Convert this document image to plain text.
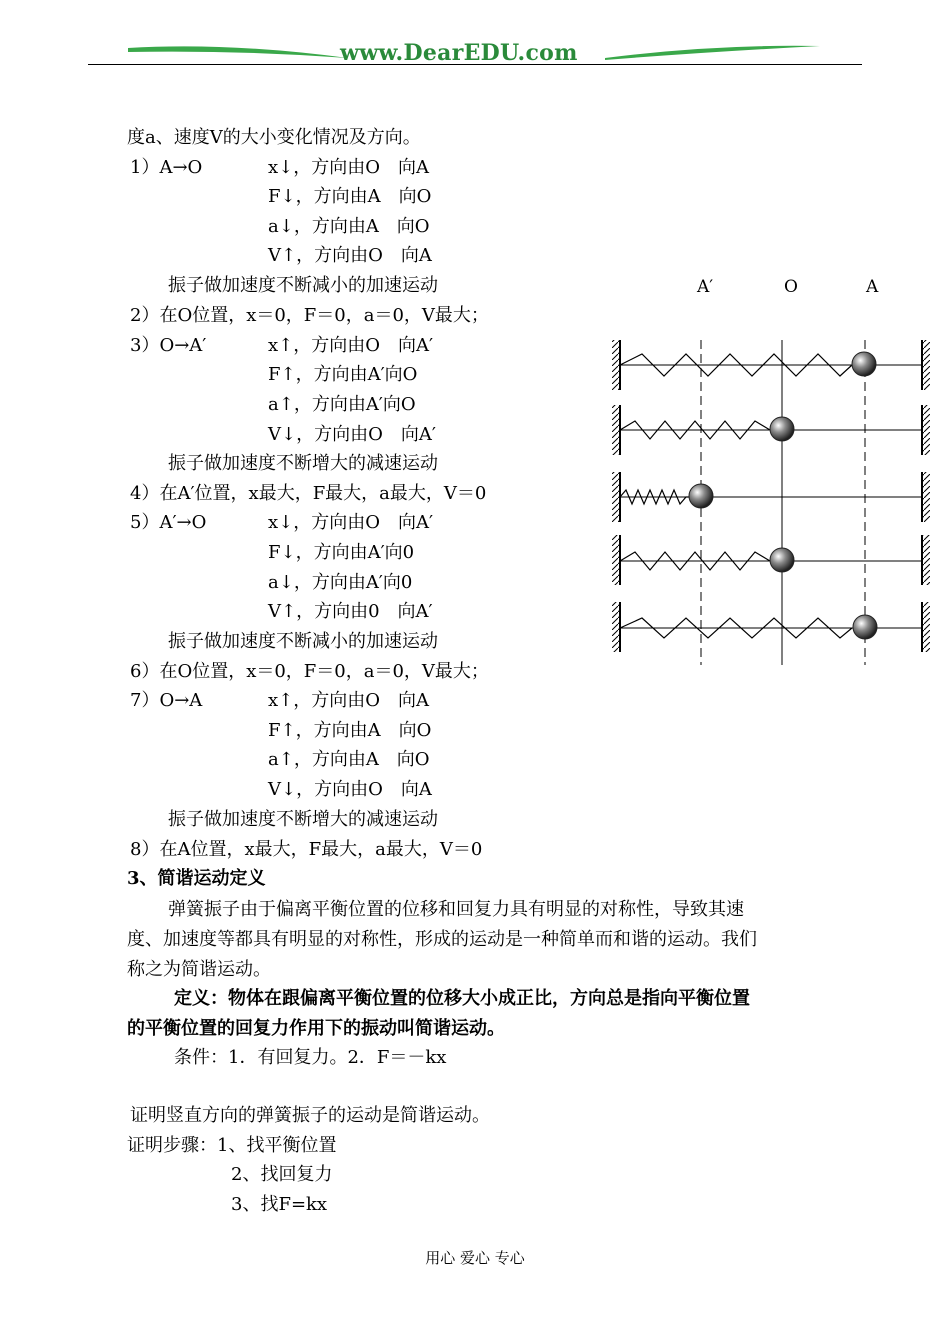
www.DearEDU.com
度a、速度V的大小变化情况及方向。
1）A→O	x↓，方向由O　向A
F↓，方向由A　向O
a↓，方向由A　向O
V↑，方向由O　向A
振子做加速度不断减小的加速运动
2）在O位置，x＝0，F＝0，a＝0，V最大；
3）O→A′	x↑，方向由O　向A′
F↑，方向由A′向O
a↑，方向由A′向O
V↓，方向由O　向A′
振子做加速度不断增大的减速运动
4）在A′位置，x最大，F最大，a最大，V＝0
5）A′→O	x↓，方向由O　向A′
F↓，方向由A′向0
a↓，方向由A′向0
V↑，方向由0　向A′
振子做加速度不断减小的加速运动
6）在O位置，x＝0，F＝0，a＝0，V最大；
7）O→A	x↑，方向由O　向A
F↑，方向由A　向O
a↑，方向由A　向O
V↓，方向由O　向A
振子做加速度不断增大的减速运动
8）在A位置，x最大，F最大，a最大，V＝0
3、简谐运动定义
弹簧振子由于偏离平衡位置的位移和回复力具有明显的对称性，导致其速
度、加速度等都具有明显的对称性，形成的运动是一种简单而和谐的运动。我们
称之为简谐运动。
定义：物体在跟偏离平衡位置的位移大小成正比，方向总是指向平衡位置
的平衡位置的回复力作用下的振动叫简谐运动。
条件：1．有回复力。2．F＝－kx
证明竖直方向的弹簧振子的运动是简谐运动。
证明步骤：1、找平衡位置
2、找回复力
3、找F=kx
A′	O	A
用心 爱心 专心
